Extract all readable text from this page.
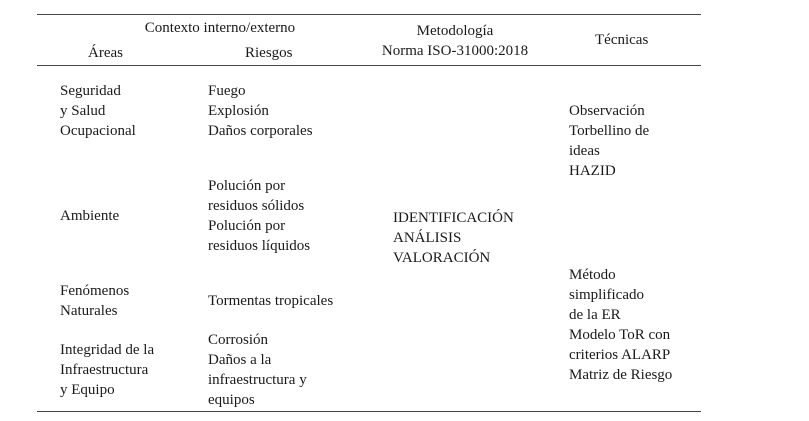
Contexto interno/externo
Áreas	Riesgos
Metodología
Norma ISO-31000:2018
Técnicas
Seguridad
y Salud
Ocupacional
Ambiente
Fenómenos
Naturales
Integridad de la
Infraestructura
y Equipo
Fuego
Explosión
Daños corporales
Polución por
residuos sólidos
Polución por
residuos líquidos
Tormentas tropicales
Corrosión
Daños a la
infraestructura y
equipos
IDENTIFICACIÓN
ANÁLISIS
VALORACIÓN
Observación
Torbellino de
ideas
HAZID
Método
simplificado
de la ER
Modelo ToR con
criterios ALARP
Matriz de Riesgo
